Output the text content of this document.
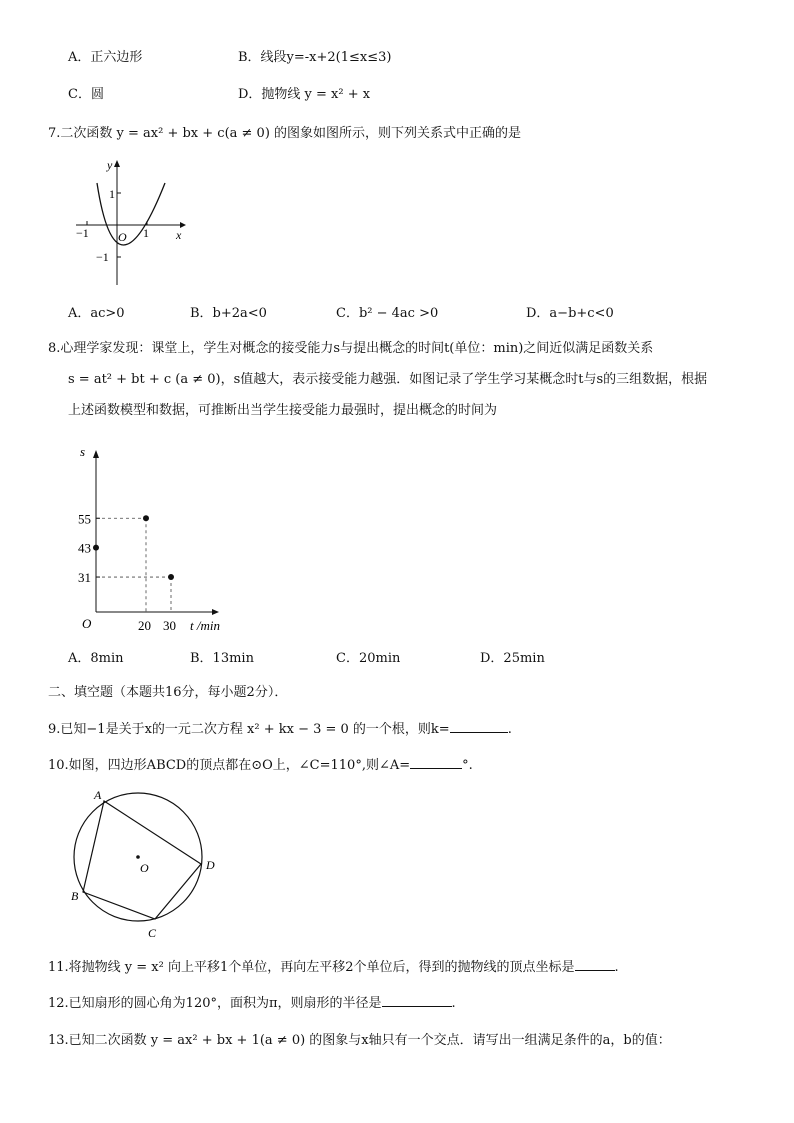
A．正六边形	B．线段y=-x+2(1≤x≤3)
C．圆	D．抛物线 y = x² + x
7.二次函数 y = ax² + bx + c(a ≠ 0) 的图象如图所示，则下列关系式中正确的是
y
x
O
1
−1
−1	1
A．ac>0	B．b+2a<0	C．b² − 4ac >0	D．a−b+c<0
8.心理学家发现：课堂上，学生对概念的接受能力s与提出概念的时间t(单位：min)之间近似满足函数关系
s = at² + bt + c (a ≠ 0)，s值越大，表示接受能力越强．如图记录了学生学习某概念时t与s的三组数据，根据
上述函数模型和数据，可推断出当学生接受能力最强时，提出概念的时间为
43
55
31
20 30
s
t /min
O
A．8min	B．13min	C．20min	D．25min
二、填空题（本题共16分，每小题2分）．
9.已知−1是关于x的一元二次方程 x² + kx − 3 = 0 的一个根，则k=	.
10.如图，四边形ABCD的顶点都在⊙O上，∠C=110°,则∠A=	°.
A
B
C
D
O
11.将抛物线 y = x² 向上平移1个单位，再向左平移2个单位后，得到的抛物线的顶点坐标是	.
12.已知扇形的圆心角为120°，面积为π，则扇形的半径是	.
13.已知二次函数 y = ax² + bx + 1(a ≠ 0) 的图象与x轴只有一个交点．请写出一组满足条件的a，b的值：
